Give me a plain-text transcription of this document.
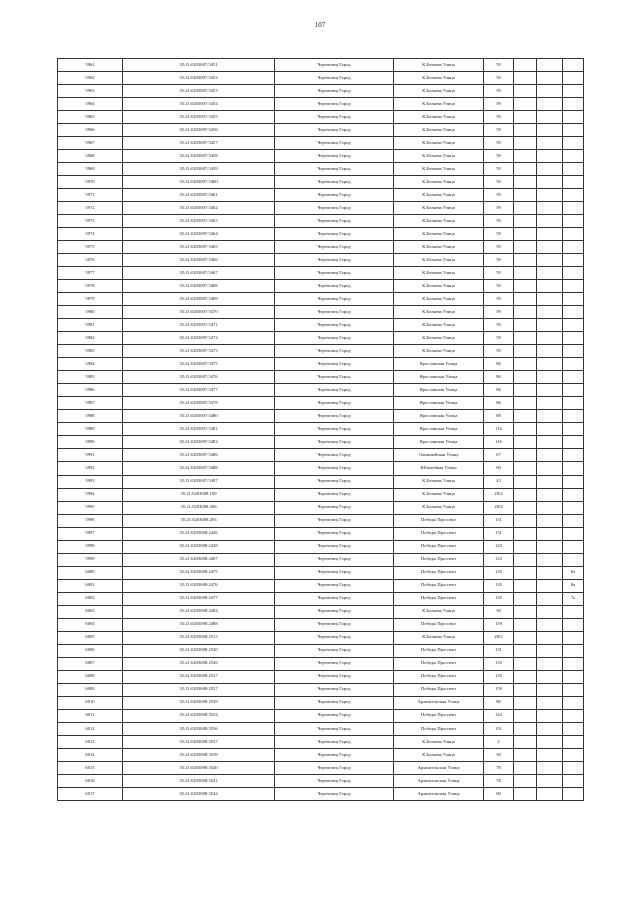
107
5961	35:21:0203007:5451	Череповец Город	К.Беляева Улица	59			
5962	35:21:0203007:5452	Череповец Город	К.Беляева Улица	59			
5963	35:21:0203007:5453	Череповец Город	К.Беляева Улица	59			
5964	35:21:0203007:5454	Череповец Город	К.Беляева Улица	59			
5965	35:21:0203007:5455	Череповец Город	К.Беляева Улица	59			
5966	35:21:0203007:5456	Череповец Город	К.Беляева Улица	59			
5967	35:21:0203007:5457	Череповец Город	К.Беляева Улица	59			
5968	35:21:0203007:5458	Череповец Город	К.Беляева Улица	59			
5969	35:21:0203007:5459	Череповец Город	К.Беляева Улица	59			
5970	35:21:0203007:5460	Череповец Город	К.Беляева Улица	59			
5971	35:21:0203007:5461	Череповец Город	К.Беляева Улица	59			
5972	35:21:0203007:5462	Череповец Город	К.Беляева Улица	59			
5973	35:21:0203007:5463	Череповец Город	К.Беляева Улица	59			
5974	35:21:0203007:5464	Череповец Город	К.Беляева Улица	59			
5975	35:21:0203007:5465	Череповец Город	К.Беляева Улица	59			
5976	35:21:0203007:5466	Череповец Город	К.Беляева Улица	59			
5977	35:21:0203007:5467	Череповец Город	К.Беляева Улица	59			
5978	35:21:0203007:5468	Череповец Город	К.Беляева Улица	59			
5979	35:21:0203007:5469	Череповец Город	К.Беляева Улица	59			
5980	35:21:0203007:5470	Череповец Город	К.Беляева Улица	59			
5981	35:21:0203007:5471	Череповец Город	К.Беляева Улица	59			
5982	35:21:0203007:5472	Череповец Город	К.Беляева Улица	59			
5983	35:21:0203007:5473	Череповец Город	К.Беляева Улица	59			
5984	35:21:0203007:5475	Череповец Город	Ярославская Улица	86			
5985	35:21:0203007:5476	Череповец Город	Ярославская Улица	86			
5986	35:21:0203007:5477	Череповец Город	Ярославская Улица	86			
5987	35:21:0203007:5478	Череповец Город	Ярославская Улица	86			
5988	35:21:0203007:5480	Череповец Город	Ярославская Улица	88			
5989	35:21:0203007:5481	Череповец Город	Ярославская Улица	116			
5990	35:21:0203007:5482	Череповец Город	Ярославская Улица	116			
5991	35:21:0203007:5486	Череповец Город	Олимпийская Улица	67			
5992	35:21:0203007:5488	Череповец Город	Юбилейная Улица	60			
5993	35:21:0203007:5497	Череповец Город	К.Беляева Улица	43			
5994	35:21:0203008:189	Череповец Город	К.Беляева Улица	28/2			
5995	35:21:0203008:206	Череповец Город	К.Беляева Улица	28/2			
5996	35:21:0203008:293	Череповец Город	Победы Проспект	151			
5997	35:21:0203008:2426	Череповец Город	Победы Проспект	151			
5998	35:21:0203008:2428	Череповец Город	Победы Проспект	123			
5999	35:21:0203008:2467	Череповец Город	Победы Проспект	123			
6000	35:21:0203008:2475	Череповец Город	Победы Проспект	135			6а
6001	35:21:0203008:2476	Череповец Город	Победы Проспект	135			8а
6002	35:21:0203008:2477	Череповец Город	Победы Проспект	135			7а
6003	35:21:0203008:2484	Череповец Город	К.Беляева Улица	30			
6004	35:21:0203008:2488	Череповец Город	Победы Проспект	159			
6005	35:21:0203008:2513	Череповец Город	К.Беляева Улица	28/2			
6006	35:21:0203008:2520	Череповец Город	Победы Проспект	151			
6007	35:21:0203008:2526	Череповец Город	Победы Проспект	135			
6008	35:21:0203008:2527	Череповец Город	Победы Проспект	135			
6009	35:21:0203008:2537	Череповец Город	Победы Проспект	159			
6010	35:21:0203008:2539	Череповец Город	Архангельская Улица	80			
6011	35:21:0203008:3534	Череповец Город	Победы Проспект	143			
6012	35:21:0203008:3536	Череповец Город	Победы Проспект	151			
6013	35:21:0203008:3537	Череповец Город	К.Беляева Улица	2			
6014	35:21:0203008:3539	Череповец Город	К.Беляева Улица	30			
6015	35:21:0203008:3540	Череповец Город	Архангельская Улица	78			
6016	35:21:0203008:3541	Череповец Город	Архангельская Улица	78			
6017	35:21:0203008:3542	Череповец Город	Архангельская Улица	80			
